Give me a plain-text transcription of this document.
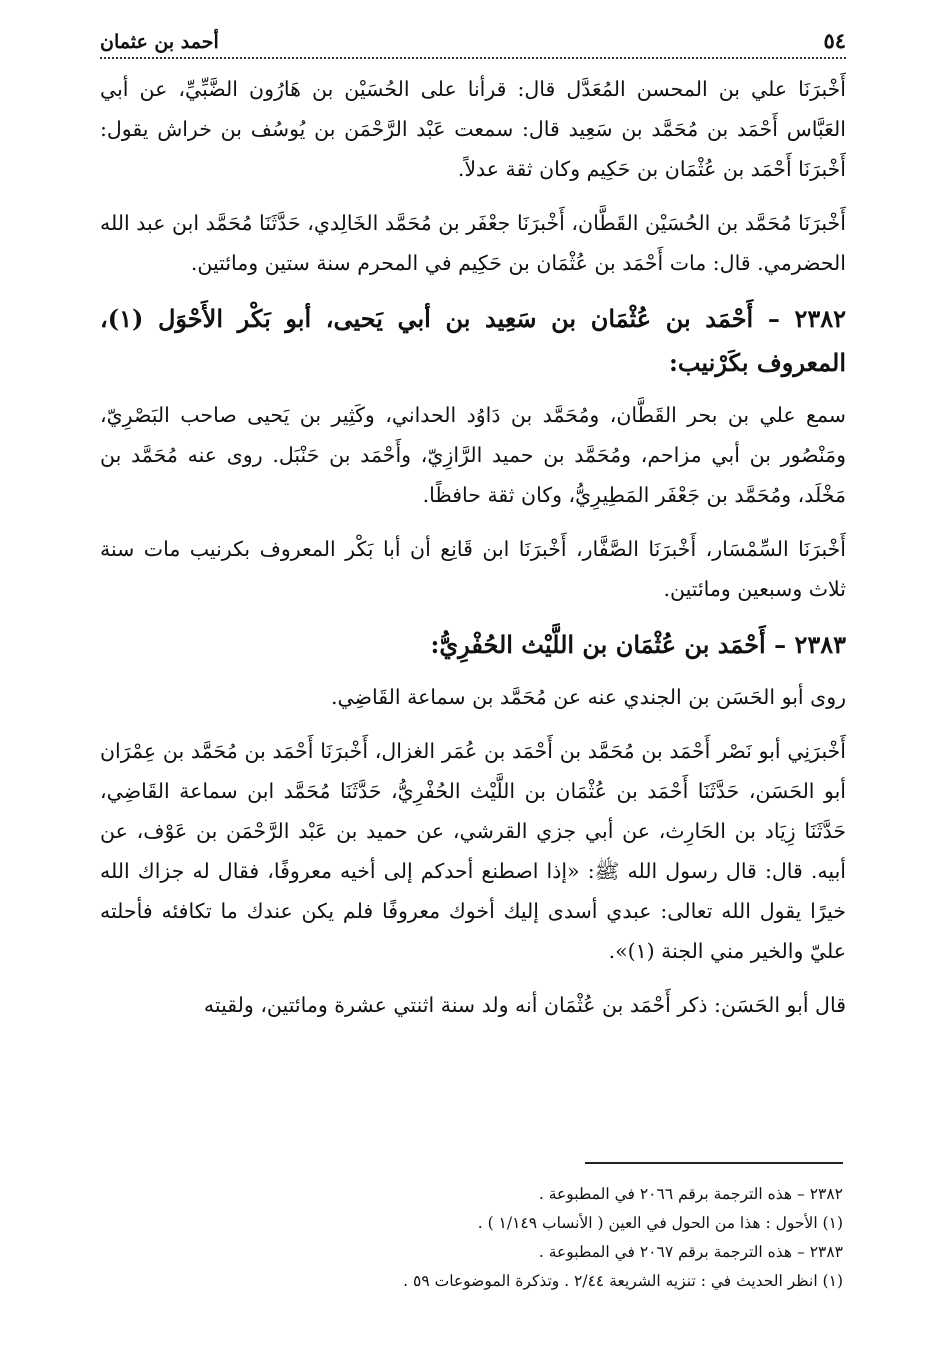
٥٤
أحمد بن عثمان

أَخْبرَنَا علي بن المحسن المُعَدَّل قال: قرأنا على الحُسَيْن بن هَارُون الضَّبِّيِّ، عن أبي العَبَّاس أَحْمَد بن مُحَمَّد بن سَعِيد قال: سمعت عَبْد الرَّحْمَن بن يُوسُف بن خراش يقول: أَخْبرَنَا أَحْمَد بن عُثْمَان بن حَكِيم وكان ثقة عدلاً.

أَخْبرَنَا مُحَمَّد بن الحُسَيْن القَطَّان، أَخْبرَنَا جعْفَر بن مُحَمَّد الخَالِدي، حَدَّثَنَا مُحَمَّد ابن عبد الله الحضرمي. قال: مات أَحْمَد بن عُثْمَان بن حَكِيم في المحرم سنة ستين ومائتين.

٢٣٨٢ – أَحْمَد بن عُثْمَان بن سَعِيد بن أبي يَحيى، أبو بَكْر الأَحْوَل (١)، المعروف بكَرْنيب:

سمع علي بن بحر القَطَّان، ومُحَمَّد بن دَاوُد الحداني، وكَثِير بن يَحيى صاحب البَصْرِيّ، ومَنْصُور بن أبي مزاحم، ومُحَمَّد بن حميد الرَّازِيّ، وأَحْمَد بن حَنْبَل. روى عنه مُحَمَّد بن مَخْلَد، ومُحَمَّد بن جَعْفَر المَطِيرِيُّ، وكان ثقة حافظًا.

أَخْبرَنَا السِّمْسَار، أَخْبرَنَا الصَّفَّار، أَخْبرَنَا ابن قَانِع أن أبا بَكْر المعروف بكرنيب مات سنة ثلاث وسبعين ومائتين.

٢٣٨٣ – أَحْمَد بن عُثْمَان بن اللَّيْث الحُفْرِيُّ:

روى أبو الحَسَن بن الجندي عنه عن مُحَمَّد بن سماعة القَاضِي.

أَخْبرَنِي أبو نَصْر أَحْمَد بن مُحَمَّد بن أَحْمَد بن عُمَر الغزال، أَخْبرَنَا أَحْمَد بن مُحَمَّد بن عِمْرَان أبو الحَسَن، حَدَّثَنَا أَحْمَد بن عُثْمَان بن اللَّيْث الحُفْرِيُّ، حَدَّثَنَا مُحَمَّد ابن سماعة القَاضِي، حَدَّثَنَا زِيَاد بن الحَارِث، عن أبي جزي القرشي، عن حميد بن عَبْد الرَّحْمَن بن عَوْف، عن أبيه. قال: قال رسول الله ﷺ: «إذا اصطنع أحدكم إلى أخيه معروفًا، فقال له جزاك الله خيرًا يقول الله تعالى: عبدي أسدى إليك أخوك معروفًا فلم يكن عندك ما تكافئه فأحلته عليّ والخير مني الجنة (١)».

قال أبو الحَسَن: ذكر أَحْمَد بن عُثْمَان أنه ولد سنة اثنتي عشرة ومائتين، ولقيته

٢٣٨٢ – هذه الترجمة برقم ٢٠٦٦ في المطبوعة .
(١) الأحول : هذا من الحول في العين ( الأنساب ١/١٤٩ ) .
٢٣٨٣ – هذه الترجمة برقم ٢٠٦٧ في المطبوعة .
(١) انظر الحديث في : تنزيه الشريعة ٢/٤٤ . وتذكرة الموضوعات ٥٩ .
